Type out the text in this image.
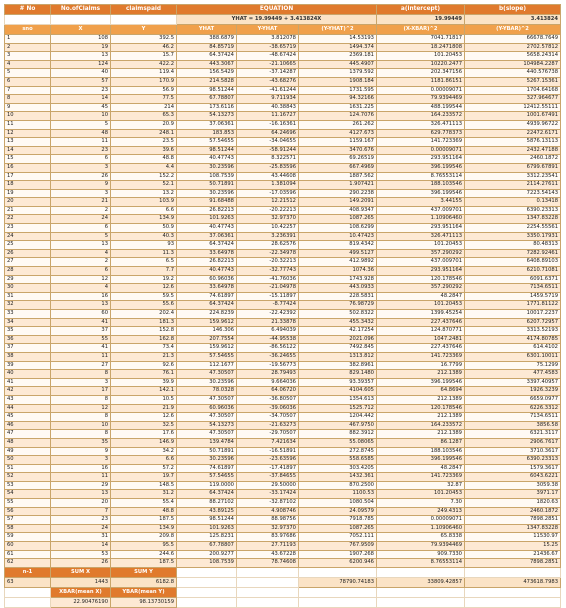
# No	No.ofClaims	claimspaid	EQUATION			a(intercept)	b(slope)
			YHAT = 19.99449 + 3.413824X			19.99449	3.413824
sno	X	Y	YHAT	Y-YHAT	(Y-YHAT)^2	(X-XBAR)^2	(Y-YBAR)^2
1	108	392.5	388.6879	3.812078	14.53193	7041.71817	66678.7649
2	19	46.2	84.85719	-38.65719	1494.374	18.2471808	2702.57812
3	13	15.7	64.37424	-48.67424	2369.181	101.20453	5658.24314
4	124	422.2	443.3067	-21.10665	445.4907	10220.2477	104984.2287
5	40	119.4	156.5429	-37.14287	1379.592	202.347156	440.576738
6	57	170.9	214.5828	-43.68276	1908.184	1181.86151	5267.15361
7	23	56.9	98.51244	-41.61244	1731.595	0.00009071	1704.64168
8	14	77.5	67.78807	9.711934	94.32166	79.9394469	327.964677
9	45	214	173.6116	40.38843	1631.225	488.199544	12412.55111
10	10	65.3	54.13273	11.16727	124.7076	164.233572	1001.67491
11	5	20.9	37.06361	-16.16361	261.262	326.471113	4939.96722
12	48	248.1	183.853	64.24696	4127.673	629.778373	22472.6171
13	11	23.5	57.54655	-34.04655	1159.167	141.723369	5876.13113
14	23	39.6	98.51244	-58.91244	3470.676	0.00009071	2432.47188
15	6	48.8	40.47743	8.322571	69.26519	293.951164	2460.1872
16	3	4.4	30.23596	-25.83596	667.4969	396.199546	6799.67891
17	26	152.2	108.7539	43.44608	1887.562	8.76553114	3312.23541
18	9	52.1	50.71891	1.381094	1.907421	188.103546	2114.27611
19	3	13.2	30.23596	-17.03596	290.2238	396.199546	7223.54143
20	21	103.9	91.68488	12.21512	149.2091	3.44155	0.13418
21	2	6.6	26.82213	-20.22213	408.9347	437.009701	6390.23313
22	24	134.9	101.9263	32.97370	1087.265	1.10906460	1347.83228
23	6	50.9	40.47743	10.42257	108.6299	293.951164	2254.55561
24	5	40.3	37.06361	3.236391	10.47423	326.471113	3350.17931
25	13	93	64.37424	28.62576	819.4342	101.20453	80.48313
26	4	11.3	33.64978	-22.34978	499.5127	357.290292	7282.92461
27	2	6.5	26.82213	-20.32213	412.9892	437.009701	6408.89103
28	6	7.7	40.47743	-32.77743	1074.36	293.951164	6210.71081
29	12	19.2	60.96036	-41.76036	1743.928	120.178546	6091.6371
30	4	12.6	33.64978	-21.04978	443.0933	357.290292	7134.6511
31	16	59.5	74.61897	-15.11897	228.5831	48.2847	1459.5719
32	13	55.6	64.37424	-8.77424	76.98729	101.20453	1771.81122
33	60	202.4	224.8239	-22.42392	502.8322	1399.45254	10017.2237
34	41	181.3	159.9612	21.33878	455.3432	227.437646	6207.72957
35	37	152.8	146.306	6.494039	42.17254	124.870771	3313.52193
36	55	162.8	207.7554	-44.95538	2021.096	1047.2481	4174.80785
37	41	73.4	159.9612	-86.56122	7492.845	227.437646	614.4102
38	11	21.3	57.54655	-36.24655	1313.812	141.723369	6301.10011
39	27	92.6	112.1677	-19.56773	382.8961	16.7799	75.1299
40	8	76.1	47.30507	28.79493	829.1480	212.1389	477.4583
41	3	39.9	30.23596	9.664036	93.39357	396.199546	3397.40957
42	17	142.1	78.0328	64.06720	4104.605	64.8694	1926.3239
43	8	10.5	47.30507	-36.80507	1354.613	212.1389	6659.0977
44	12	21.9	60.96036	-39.06036	1525.712	120.178546	6226.3312
45	8	12.6	47.30507	-34.70507	1204.442	212.1389	7134.6511
46	10	32.5	54.13273	-21.63273	467.9750	164.233572	3856.58
47	8	17.6	47.30507	-29.70507	882.3912	212.1389	6321.3117
48	35	146.9	139.4784	7.421634	55.08065	86.1287	2906.7617
49	9	34.2	50.71891	-16.51891	272.8745	188.103546	3710.3617
50	3	6.6	30.23596	-23.63596	558.6585	396.199546	6390.23313
51	16	57.2	74.61897	-17.41897	303.4205	48.2847	1579.3617
52	11	19.7	57.54655	-37.84655	1432.361	141.723369	6043.6221
53	29	148.5	119.0000	29.50000	870.2500	32.87	3059.38
54	13	31.2	64.37424	-33.17424	1100.53	101.20453	3971.17
55	20	55.4	88.27102	-32.87102	1080.504	7.30	1820.63
56	7	48.8	43.89125	4.908746	24.09579	249.4313	2460.1872
57	23	187.5	98.51244	88.98756	7918.785	0.00009071	7898.2851
58	24	134.9	101.9263	32.97370	1087.265	1.10906460	1347.83228
59	31	209.8	125.8231	83.97686	7052.111	65.8338	11530.97
60	14	95.5	67.78807	27.71193	767.9509	79.9394469	15.25
61	53	244.6	200.9277	43.67228	1907.268	909.7330	21436.67
62	26	187.5	108.7539	78.74608	6200.946	8.76553114	7898.2851
n-1	SUM X	SUM Y					
63	1443	6182.8			78790.74183	33809.42857	473618.7983
	XBAR(mean X)	YBAR(mean Y)					
	22.90476190	98.13730159					
